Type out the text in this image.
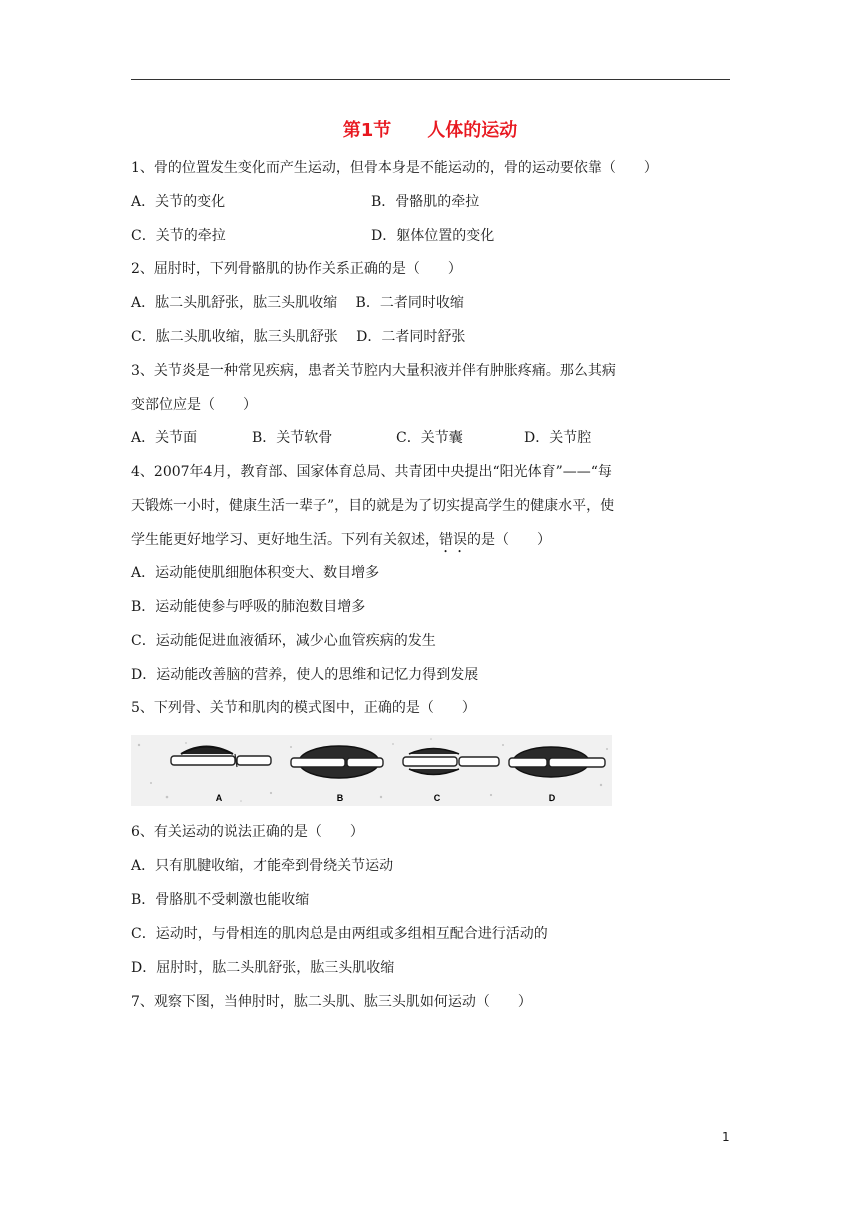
第1节　　人体的运动
1、骨的位置发生变化而产生运动，但骨本身是不能运动的，骨的运动要依靠（　　）
A．关节的变化	B．骨骼肌的牵拉
C．关节的牵拉	D．躯体位置的变化
2、屈肘时，下列骨骼肌的协作关系正确的是（　　）
A．肱二头肌舒张，肱三头肌收缩　 B．二者同时收缩
C．肱二头肌收缩，肱三头肌舒张　 D．二者同时舒张
3、关节炎是一种常见疾病，患者关节腔内大量积液并伴有肿胀疼痛。那么其病
变部位应是（　　）
A．关节面	B．关节软骨	C．关节囊	D．关节腔
4、2007年4月，教育部、国家体育总局、共青团中央提出“阳光体育”——“每
天锻炼一小时，健康生活一辈子”，目的就是为了切实提高学生的健康水平，使
学生能更好地学习、更好地生活。下列有关叙述，错误的是（　　）
A．运动能使肌细胞体积变大、数目增多
B．运动能使参与呼吸的肺泡数目增多
C．运动能促进血液循环，减少心血管疾病的发生
D．运动能改善脑的营养，使人的思维和记忆力得到发展
5、下列骨、关节和肌肉的模式图中，正确的是（　　）
A	B	C	D
6、有关运动的说法正确的是（　　）
A．只有肌腱收缩，才能牵到骨绕关节运动
B．骨胳肌不受刺激也能收缩
C．运动时，与骨相连的肌肉总是由两组或多组相互配合进行活动的
D．屈肘时，肱二头肌舒张，肱三头肌收缩
7、观察下图，当伸肘时，肱二头肌、肱三头肌如何运动（　　）
1
